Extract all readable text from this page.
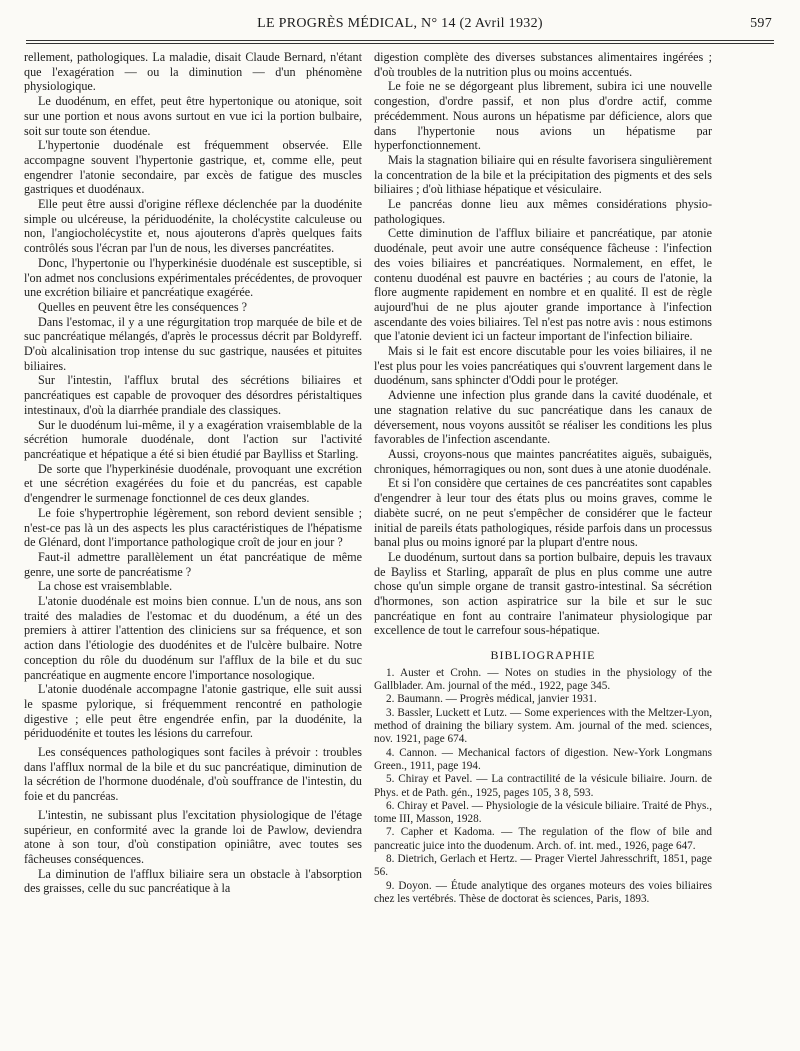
LE PROGRÈS MÉDICAL, N° 14 (2 Avril 1932)	597

rellement, pathologiques. La maladie, disait Claude Bernard, n'étant que l'exagération — ou la diminution — d'un phénomène physiologique.

Le duodénum, en effet, peut être hypertonique ou atonique, soit sur une portion et nous avons surtout en vue ici la portion bulbaire, soit sur toute son étendue.

L'hypertonie duodénale est fréquemment observée. Elle accompagne souvent l'hypertonie gastrique, et, comme elle, peut engendrer l'atonie secondaire, par excès de fatigue des muscles gastriques et duodénaux.

Elle peut être aussi d'origine réflexe déclenchée par la duodénite simple ou ulcéreuse, la périduodénite, la cholécystite calculeuse ou non, l'angiocholécystite et, nous ajouterons d'après quelques faits contrôlés sous l'écran par l'un de nous, les diverses pancréatites.

Donc, l'hypertonie ou l'hyperkinésie duodénale est susceptible, si l'on admet nos conclusions expérimentales précédentes, de provoquer une excrétion biliaire et pancréatique exagérée.

Quelles en peuvent être les conséquences ?

Dans l'estomac, il y a une régurgitation trop marquée de bile et de suc pancréatique mélangés, d'après le processus décrit par Boldyreff. D'où alcalinisation trop intense du suc gastrique, nausées et pituites biliaires.

Sur l'intestin, l'afflux brutal des sécrétions biliaires et pancréatiques est capable de provoquer des désordres péristaltiques intestinaux, d'où la diarrhée prandiale des classiques.

Sur le duodénum lui-même, il y a exagération vraisemblable de la sécrétion humorale duodénale, dont l'action sur l'activité pancréatique et hépatique a été si bien étudié par Baylliss et Starling.

De sorte que l'hyperkinésie duodénale, provoquant une excrétion et une sécrétion exagérées du foie et du pancréas, est capable d'engendrer le surmenage fonctionnel de ces deux glandes.

Le foie s'hypertrophie légèrement, son rebord devient sensible ; n'est-ce pas là un des aspects les plus caractéristiques de l'hépatisme de Glénard, dont l'importance pathologique croît de jour en jour ?

Faut-il admettre parallèlement un état pancréatique de même genre, une sorte de pancréatisme ?

La chose est vraisemblable.

L'atonie duodénale est moins bien connue. L'un de nous, ans son traité des maladies de l'estomac et du duodénum, a été un des premiers à attirer l'attention des cliniciens sur sa fréquence, et son action dans l'étiologie des duodénites et de l'ulcère bulbaire. Notre conception du rôle du duodénum sur l'afflux de la bile et du suc pancréatique en augmente encore l'importance nosologique.

L'atonie duodénale accompagne l'atonie gastrique, elle suit aussi le spasme pylorique, si fréquemment rencontré en pathologie digestive ; elle peut être engendrée enfin, par la duodénite, la périduodénite et toutes les lésions du carrefour.

Les conséquences pathologiques sont faciles à prévoir : troubles dans l'afflux normal de la bile et du suc pancréatique, diminution de la sécrétion de l'hormone duodénale, d'où souffrance de l'intestin, du foie et du pancréas.

L'intestin, ne subissant plus l'excitation physiologique de l'étage supérieur, en conformité avec la grande loi de Pawlow, deviendra atone à son tour, d'où constipation opiniâtre, avec toutes ses fâcheuses conséquences.

La diminution de l'afflux biliaire sera un obstacle à l'absorption des graisses, celle du suc pancréatique à la

digestion complète des diverses substances alimentaires ingérées ; d'où troubles de la nutrition plus ou moins accentués.

Le foie ne se dégorgeant plus librement, subira ici une nouvelle congestion, d'ordre passif, et non plus d'ordre actif, comme précédemment. Nous aurons un hépatisme par déficience, alors que dans l'hypertonie nous avions un hépatisme par hyperfonctionnement.

Mais la stagnation biliaire qui en résulte favorisera singulièrement la concentration de la bile et la précipitation des pigments et des sels biliaires ; d'où lithiase hépatique et vésiculaire.

Le pancréas donne lieu aux mêmes considérations physio-pathologiques.

Cette diminution de l'afflux biliaire et pancréatique, par atonie duodénale, peut avoir une autre conséquence fâcheuse : l'infection des voies biliaires et pancréatiques. Normalement, en effet, le contenu duodénal est pauvre en bactéries ; au cours de l'atonie, la flore augmente rapidement en nombre et en qualité. Il est de règle aujourd'hui de ne plus ajouter grande importance à l'infection ascendante des voies biliaires. Tel n'est pas notre avis : nous estimons que l'atonie devient ici un facteur important de l'infection biliaire.

Mais si le fait est encore discutable pour les voies biliaires, il ne l'est plus pour les voies pancréatiques qui s'ouvrent largement dans le duodénum, sans sphincter d'Oddi pour le protéger.

Advienne une infection plus grande dans la cavité duodénale, et une stagnation relative du suc pancréatique dans les canaux de déversement, nous voyons aussitôt se réaliser les conditions les plus favorables de l'infection ascendante.

Aussi, croyons-nous que maintes pancréatites aiguës, subaiguës, chroniques, hémorragiques ou non, sont dues à une atonie duodénale.

Et si l'on considère que certaines de ces pancréatites sont capables d'engendrer à leur tour des états plus ou moins graves, comme le diabète sucré, on ne peut s'empêcher de considérer que le facteur initial de pareils états pathologiques, réside parfois dans un processus banal plus ou moins ignoré par la plupart d'entre nous.

Le duodénum, surtout dans sa portion bulbaire, depuis les travaux de Bayliss et Starling, apparaît de plus en plus comme une autre chose qu'un simple organe de transit gastro-intestinal. Sa sécrétion d'hormones, son action aspiratrice sur la bile et sur le suc pancréatique en font au contraire l'animateur physiologique par excellence de tout le carrefour sous-hépatique.

BIBLIOGRAPHIE

1. Auster et Crohn. — Notes on studies in the physiology of the Gallblader. Am. journal of the méd., 1922, page 345.

2. Baumann. — Progrès médical, janvier 1931.

3. Bassler, Luckett et Lutz. — Some experiences with the Meltzer-Lyon, method of draining the biliary system. Am. journal of the med. sciences, nov. 1921, page 674.

4. Cannon. — Mechanical factors of digestion. New-York Longmans Green., 1911, page 194.

5. Chiray et Pavel. — La contractilité de la vésicule biliaire. Journ. de Phys. et de Path. gén., 1925, pages 105, 3 8, 593.

6. Chiray et Pavel. — Physiologie de la vésicule biliaire. Traité de Phys., tome III, Masson, 1928.

7. Capher et Kadoma. — The regulation of the flow of bile and pancreatic juice into the duodenum. Arch. of. int. med., 1926, page 647.

8. Dietrich, Gerlach et Hertz. — Prager Viertel Jahresschrift, 1851, page 56.

9. Doyon. — Étude analytique des organes moteurs des voies biliaires chez les vertébrés. Thèse de doctorat ès sciences, Paris, 1893.
